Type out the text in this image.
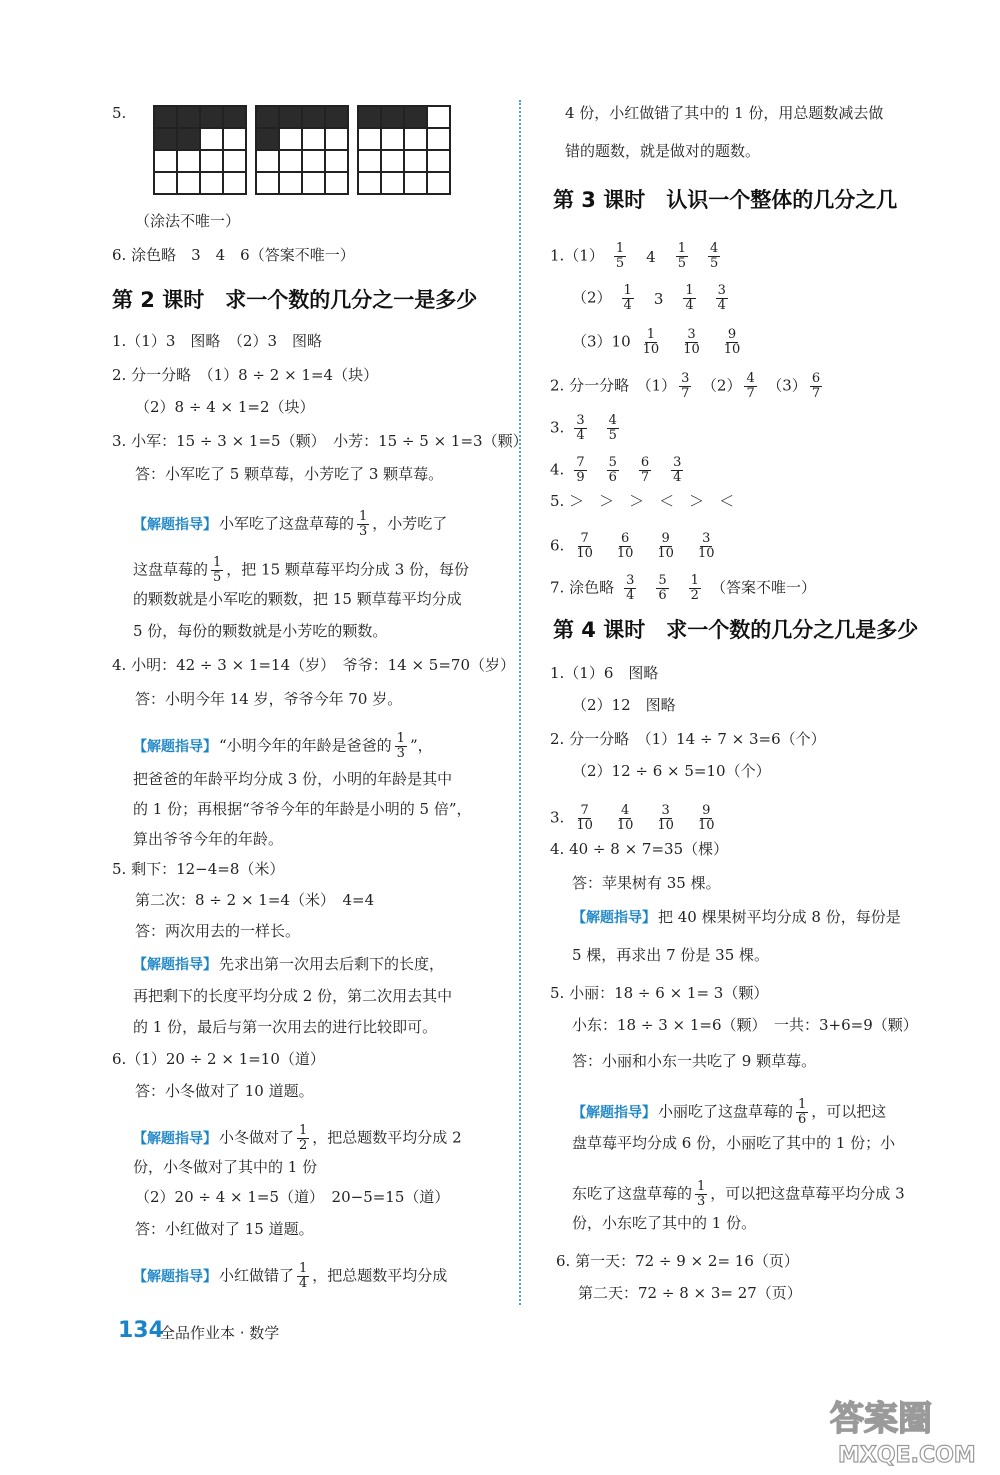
5.
（涂法不唯一）
6. 涂色略　3　4　6（答案不唯一）
第 2 课时　求一个数的几分之一是多少
1.（1）3　图略　（2）3　图略
2. 分一分略　（1）8 ÷ 2 × 1=4（块）
（2）8 ÷ 4 × 1=2（块）
3. 小军：15 ÷ 3 × 1=5（颗）　小芳：15 ÷ 5 × 1=3（颗）
答：小军吃了 5 颗草莓，小芳吃了 3 颗草莓。
【解题指导】 小军吃了这盘草莓的 $\frac{1}{3}$ ，小芳吃了
这盘草莓的 $\frac{1}{5}$ ，把 15 颗草莓平均分成 3 份，每份
的颗数就是小军吃的颗数，把 15 颗草莓平均分成
5 份，每份的颗数就是小芳吃的颗数。
4. 小明：42 ÷ 3 × 1=14（岁）　爷爷：14 × 5=70（岁）
答：小明今年 14 岁，爷爷今年 70 岁。
【解题指导】 “小明今年的年龄是爸爸的 $\frac{1}{3}$ ”，
把爸爸的年龄平均分成 3 份，小明的年龄是其中
的 1 份；再根据“爷爷今年的年龄是小明的 5 倍”，
算出爷爷今年的年龄。
5. 剩下：12−4=8（米）
第二次：8 ÷ 2 × 1=4（米）　4=4
答：两次用去的一样长。
【解题指导】 先求出第一次用去后剩下的长度，
再把剩下的长度平均分成 2 份，第二次用去其中
的 1 份，最后与第一次用去的进行比较即可。
6.（1）20 ÷ 2 × 1=10（道）
答：小冬做对了 10 道题。
【解题指导】 小冬做对了 $\frac{1}{2}$ ，把总题数平均分成 2
份，小冬做对了其中的 1 份
（2）20 ÷ 4 × 1=5（道）　20−5=15（道）
答：小红做对了 15 道题。
【解题指导】 小红做错了 $\frac{1}{4}$ ，把总题数平均分成
4 份，小红做错了其中的 1 份，用总题数减去做
错的题数，就是做对的题数。
第 3 课时　认识一个整体的几分之几
$1.(1) \frac{1}{5} 4 \frac{1}{5} \frac{4}{5}$
$(2) \frac{1}{4} 3 \frac{1}{4} \frac{3}{4}$
$(3)10 \frac{1}{10} \frac{3}{10} \frac{9}{10}$
2. 分一分略　$(1) \frac{3}{7}$
　 $(2) \frac{4}{7}$
　 $(3) \frac{6}{7}$
3. $\frac{3}{4} \frac{4}{5}$
4. $\frac{7}{9} \frac{5}{6} \frac{6}{7} \frac{3}{4}$
5. ＞　＞　＞　＜　＞　＜
6. $\frac{7}{10} \frac{6}{10} \frac{9}{10} \frac{3}{10}$
7. 涂色略 $\frac{3}{4} \frac{5}{6} \frac{1}{2}$ （答案不唯一）
第 4 课时　求一个数的几分之几是多少
1.（1）6　图略
（2）12　图略
2. 分一分略　（1）14 ÷ 7 × 3=6（个）
（2）12 ÷ 6 × 5=10（个）
3. $\frac{7}{10} \frac{4}{10} \frac{3}{10} \frac{9}{10}$
4. 40 ÷ 8 × 7=35（棵）
答：苹果树有 35 棵。
【解题指导】 把 40 棵果树平均分成 8 份，每份是
5 棵，再求出 7 份是 35 棵。
5. 小丽：18 ÷ 6 × 1= 3（颗）
小东：18 ÷ 3 × 1=6（颗）　一共：3+6=9（颗）
答：小丽和小东一共吃了 9 颗草莓。
【解题指导】 小丽吃了这盘草莓的 $\frac{1}{6}$ ，可以把这
盘草莓平均分成 6 份，小丽吃了其中的 1 份；小
东吃了这盘草莓的 $\frac{1}{3}$ ，可以把这盘草莓平均分成 3
份，小东吃了其中的 1 份。
6. 第一天：72 ÷ 9 × 2= 16（页）
第二天：72 ÷ 8 × 3= 27（页）
134
全品作业本 · 数学
答案圈
MXQE.COM
